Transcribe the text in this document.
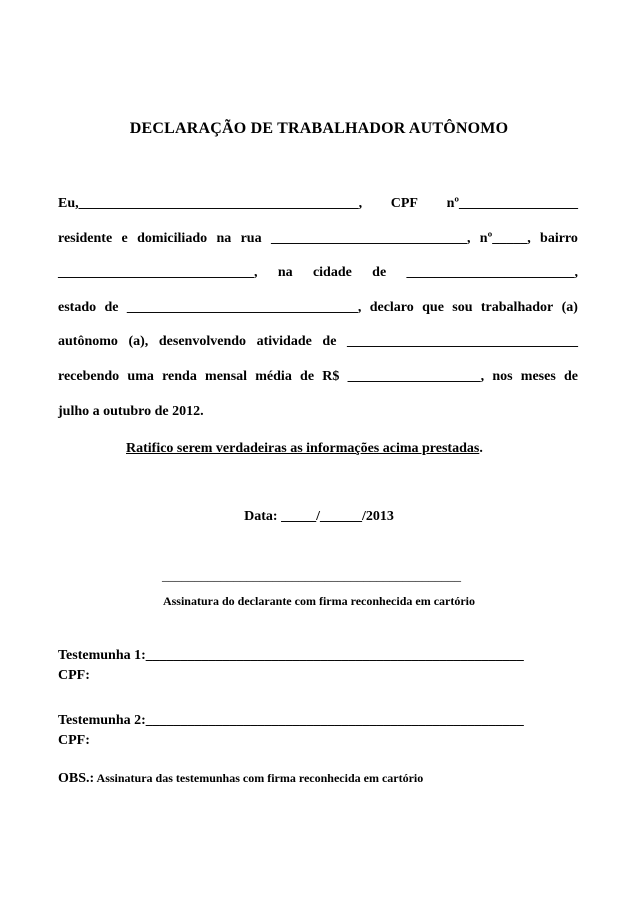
DECLARAÇÃO DE TRABALHADOR AUTÔNOMO
Eu,________________________________________, CPF nº_________________
residente e domiciliado na rua ____________________________, nº_____, bairro
____________________________, na cidade de ________________________,
estado de _________________________________, declaro que sou trabalhador (a)
autônomo (a), desenvolvendo atividade de _________________________________
recebendo uma renda mensal média de R$ ___________________, nos meses de
julho a outubro de 2012.
Ratifico serem verdadeiras as informações acima prestadas.
Data: _____/______/2013
______________________________________________
Assinatura do declarante com firma reconhecida em cartório
Testemunha 1:______________________________________________________
CPF:
Testemunha 2:______________________________________________________
CPF:
OBS.: Assinatura das testemunhas com firma reconhecida em cartório
